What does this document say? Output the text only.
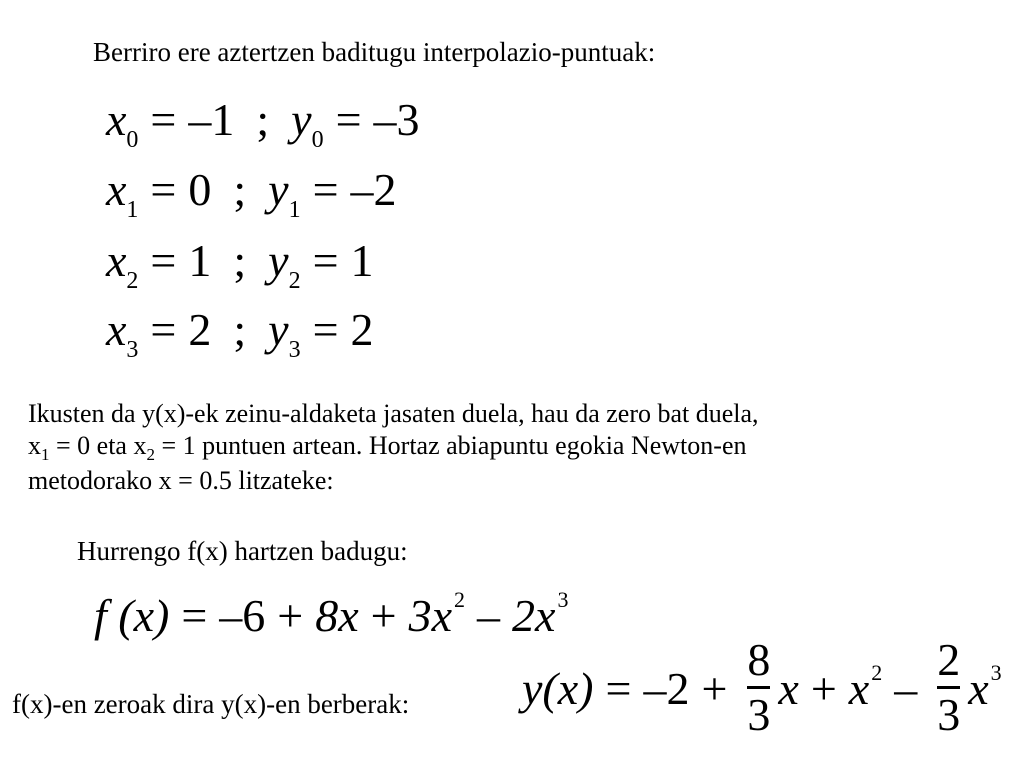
Berriro ere aztertzen baditugu interpolazio-puntuak:
$x_0 = -1$ ; $y_0 = -3$
$x_1 = 0$ ; $y_1 = -2$
$x_2 = 1$ ; $y_2 = 1$
$x_3 = 2$ ; $y_3 = 2$
Ikusten da y(x)-ek zeinu-aldaketa jasaten duela, hau da zero bat duela,
$x_1 = 0$ eta $x_2 = 1$ puntuen artean. Hortaz abiapuntu egokia Newton-en
metodorako x = 0.5 litzateke:
Hurrengo f(x) hartzen badugu:
f $(x) = -6 + 8x + 3x^2 - 2x^3$
f(x)-en zeroak dira y(x)-en berberak: $y(x) = -2 + \frac{8}{3}$ $x + x^2 - \frac{2}{3} x^3$
